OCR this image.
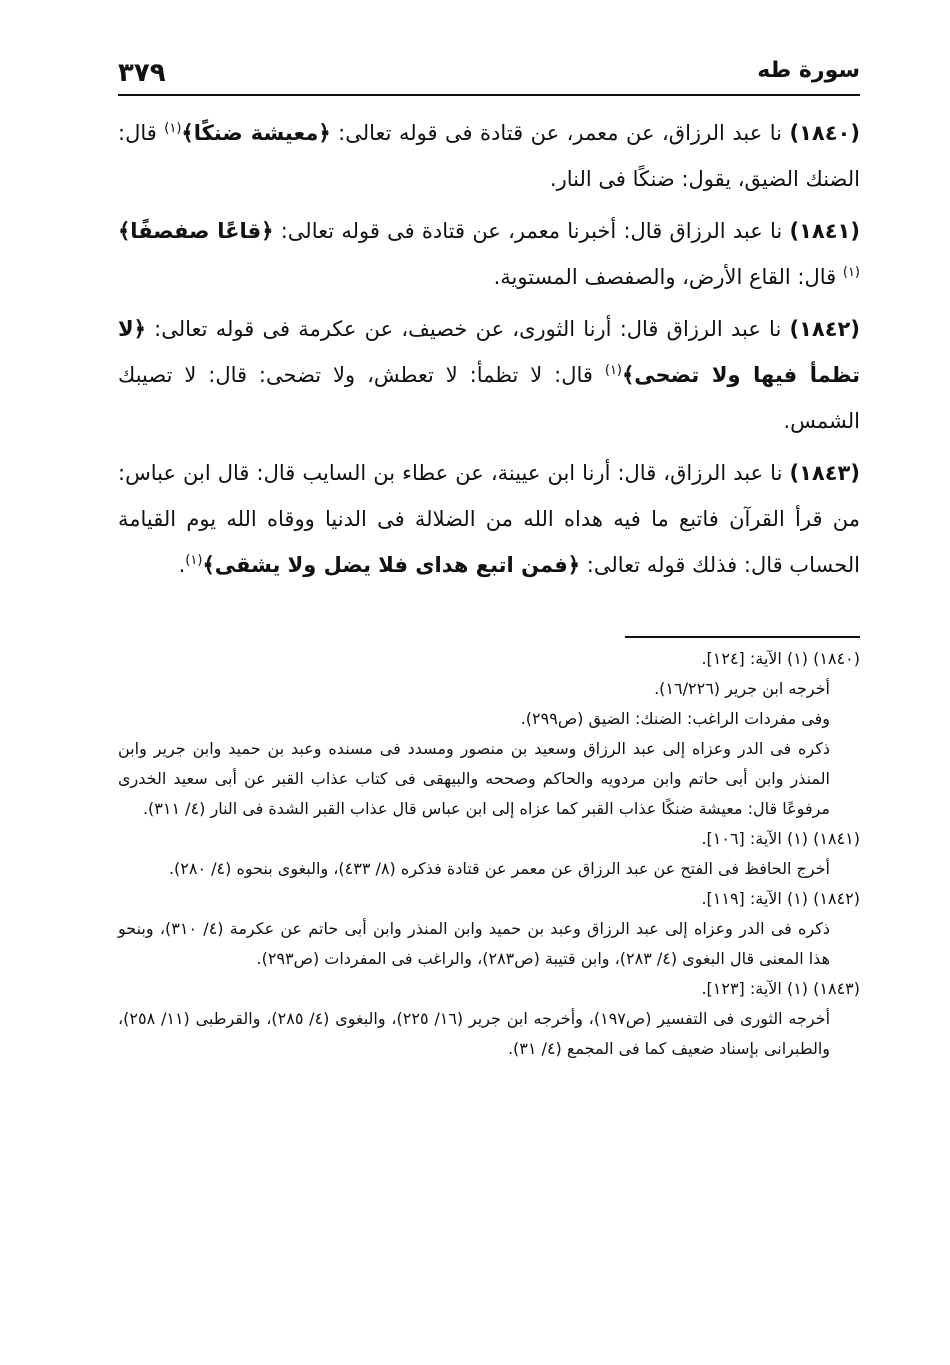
سورة طه
٣٧٩

(١٨٤٠) نا عبد الرزاق، عن معمر، عن قتادة فى قوله تعالى: ﴿معيشة ضنكًا﴾$^{(١)}$ قال: الضنك الضيق، يقول: ضنكًا فى النار.

(١٨٤١) نا عبد الرزاق قال: أخبرنا معمر، عن قتادة فى قوله تعالى: ﴿قاعًا صفصفًا﴾$^{(١)}$ قال: القاع الأرض، والصفصف المستوية.

(١٨٤٢) نا عبد الرزاق قال: أرنا الثورى، عن خصيف، عن عكرمة فى قوله تعالى: ﴿لا تظمأ فيها ولا تضحى﴾$^{(١)}$ قال: لا تظمأ: لا تعطش، ولا تضحى: قال: لا تصيبك الشمس.

(١٨٤٣) نا عبد الرزاق، قال: أرنا ابن عيينة، عن عطاء بن السايب قال: قال ابن عباس: من قرأ القرآن فاتبع ما فيه هداه الله من الضلالة فى الدنيا ووقاه الله يوم القيامة الحساب قال: فذلك قوله تعالى: ﴿فمن اتبع هداى فلا يضل ولا يشقى﴾$^{(١)}$.

(١٨٤٠) (١) الآية: [١٢٤].

أخرجه ابن جرير (١٦/٢٢٦).

وفى مفردات الراغب: الضنك: الضيق (ص٢٩٩).

ذكره فى الدر وعزاه إلى عبد الرزاق وسعيد بن منصور ومسدد فى مسنده وعبد بن حميد وابن جرير وابن المنذر وابن أبى حاتم وابن مردويه والحاكم وصححه والبيهقى فى كتاب عذاب القبر عن أبى سعيد الخدرى مرفوعًا قال: معيشة ضنكًا عذاب القبر كما عزاه إلى ابن عباس قال عذاب القبر الشدة فى النار (٤/ ٣١١).

(١٨٤١) (١) الآية: [١٠٦].

أخرج الحافظ فى الفتح عن عبد الرزاق عن معمر عن قتادة فذكره (٨/ ٤٣٣)، والبغوى بنحوه (٤/ ٢٨٠).

(١٨٤٢) (١) الآية: [١١٩].

ذكره فى الدر وعزاه إلى عبد الرزاق وعبد بن حميد وابن المنذر وابن أبى حاتم عن عكرمة (٤/ ٣١٠)، وبنحو هذا المعنى قال البغوى (٤/ ٢٨٣)، وابن قتيبة (ص٢٨٣)، والراغب فى المفردات (ص٢٩٣).

(١٨٤٣) (١) الآية: [١٢٣].

أخرجه الثورى فى التفسير (ص١٩٧)، وأخرجه ابن جرير (١٦/ ٢٢٥)، والبغوى (٤/ ٢٨٥)، والقرطبى (١١/ ٢٥٨)، والطبرانى بإسناد ضعيف كما فى المجمع (٤/ ٣١).
